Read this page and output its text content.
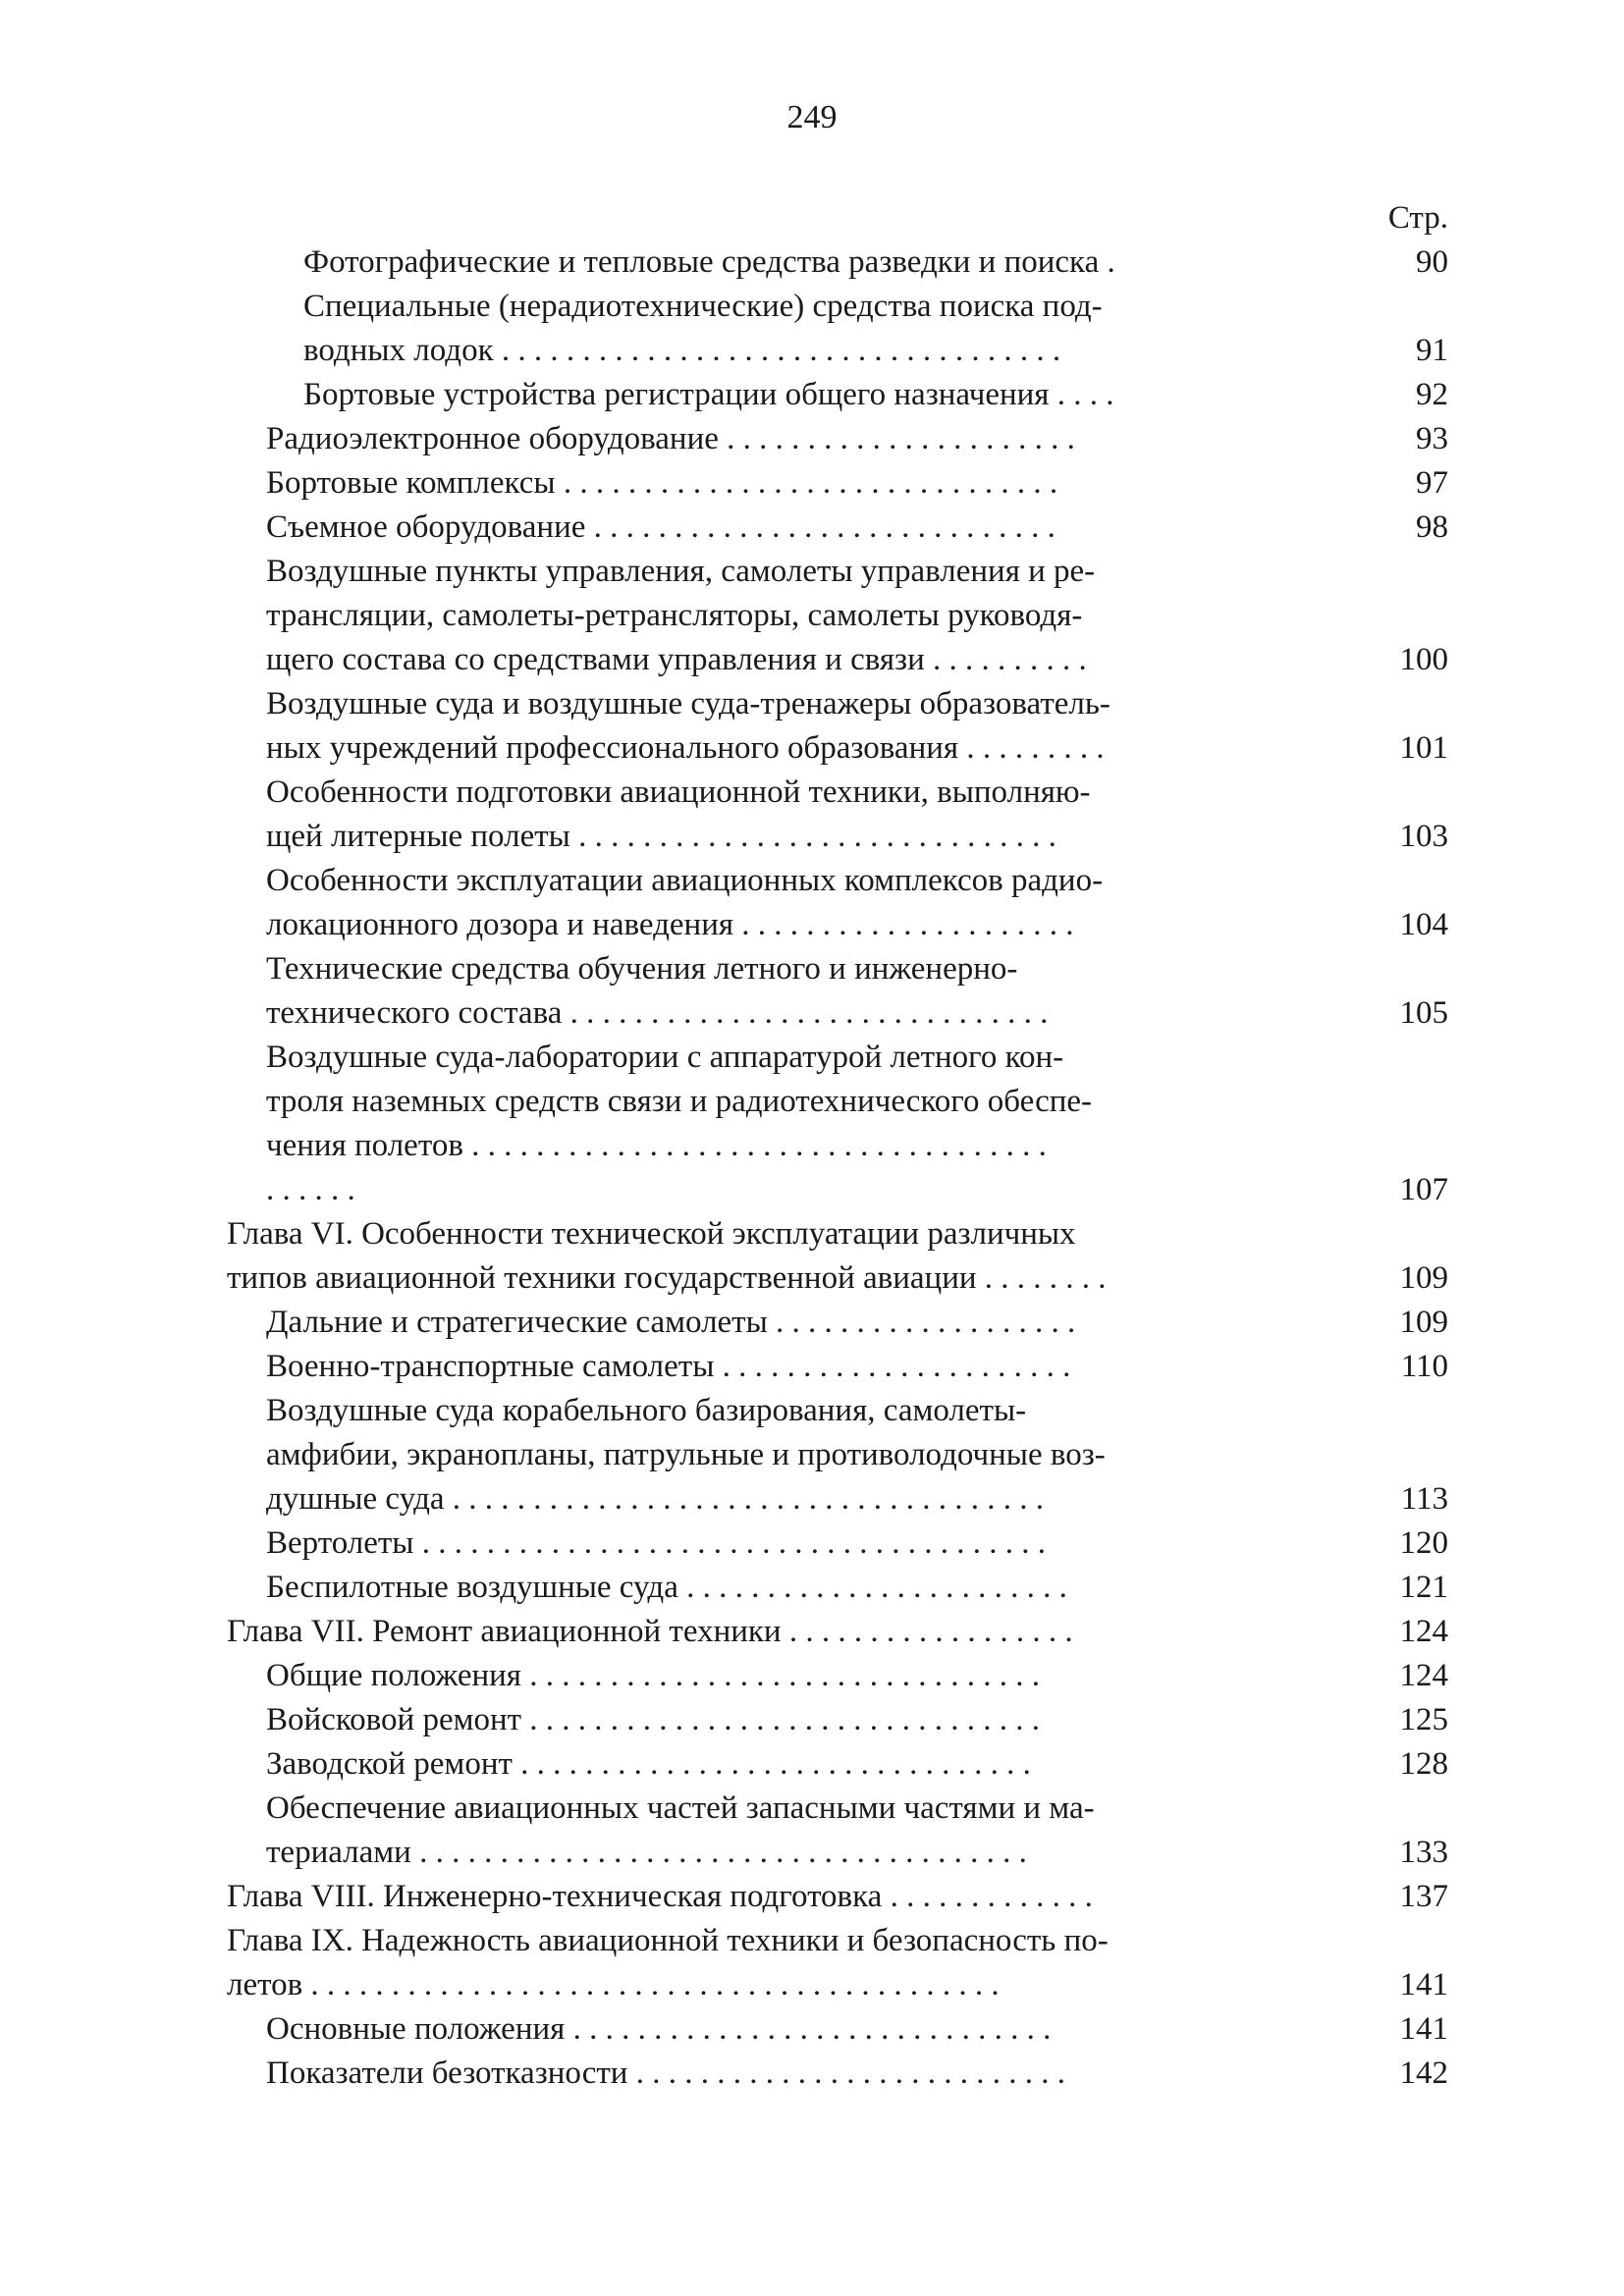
249
Стр.
Фотографические и тепловые средства разведки и поиска .	90
Специальные (нерадиотехнические) средства поиска под-
водных лодок . . . . . . . . . . . . . . . . . . . . . . . . . . . . . . . . . . .	91
Бортовые устройства регистрации общего назначения . . . .	92
Радиоэлектронное оборудование . . . . . . . . . . . . . . . . . . . . . .	93
Бортовые комплексы . . . . . . . . . . . . . . . . . . . . . . . . . . . . . . .	97
Съемное оборудование . . . . . . . . . . . . . . . . . . . . . . . . . . . . .	98
Воздушные пункты управления, самолеты управления и ре-
трансляции, самолеты-ретрансляторы, самолеты руководя-
щего состава со средствами управления и связи . . . . . . . . . .	100
Воздушные суда и воздушные суда-тренажеры образователь-
ных учреждений профессионального образования . . . . . . . . .	101
Особенности подготовки авиационной техники, выполняю-
щей литерные полеты . . . . . . . . . . . . . . . . . . . . . . . . . . . . . .	103
Особенности эксплуатации авиационных комплексов радио-
локационного дозора и наведения . . . . . . . . . . . . . . . . . . . . .	104
Технические средства обучения летного и инженерно-
технического состава . . . . . . . . . . . . . . . . . . . . . . . . . . . . . .	105
Воздушные суда-лаборатории с аппаратурой летного кон-
троля наземных средств связи и радиотехнического обеспе-
чения полетов . . . . . . . . . . . . . . . . . . . . . . . . . . . . . . . . . . . .
. . . . . .	107
Глава VI. Особенности технической эксплуатации различных
типов авиационной техники государственной авиации . . . . . . . .	109
Дальние и стратегические самолеты . . . . . . . . . . . . . . . . . . .	109
Военно-транспортные самолеты . . . . . . . . . . . . . . . . . . . . . .	110
Воздушные суда корабельного базирования, самолеты-
амфибии, экранопланы, патрульные и противолодочные воз-
душные суда . . . . . . . . . . . . . . . . . . . . . . . . . . . . . . . . . . . . .	113
Вертолеты . . . . . . . . . . . . . . . . . . . . . . . . . . . . . . . . . . . . . . .	120
Беспилотные воздушные суда . . . . . . . . . . . . . . . . . . . . . . . .	121
Глава VII. Ремонт авиационной техники . . . . . . . . . . . . . . . . . .	124
Общие положения . . . . . . . . . . . . . . . . . . . . . . . . . . . . . . . .	124
Войсковой ремонт . . . . . . . . . . . . . . . . . . . . . . . . . . . . . . . .	125
Заводской ремонт . . . . . . . . . . . . . . . . . . . . . . . . . . . . . . . .	128
Обеспечение авиационных частей запасными частями и ма-
териалами . . . . . . . . . . . . . . . . . . . . . . . . . . . . . . . . . . . . . .	133
Глава VIII. Инженерно-техническая подготовка . . . . . . . . . . . . .	137
Глава IX. Надежность авиационной техники и безопасность по-
летов . . . . . . . . . . . . . . . . . . . . . . . . . . . . . . . . . . . . . . . . . . .	141
Основные положения . . . . . . . . . . . . . . . . . . . . . . . . . . . . . .	141
Показатели безотказности . . . . . . . . . . . . . . . . . . . . . . . . . . .	142
